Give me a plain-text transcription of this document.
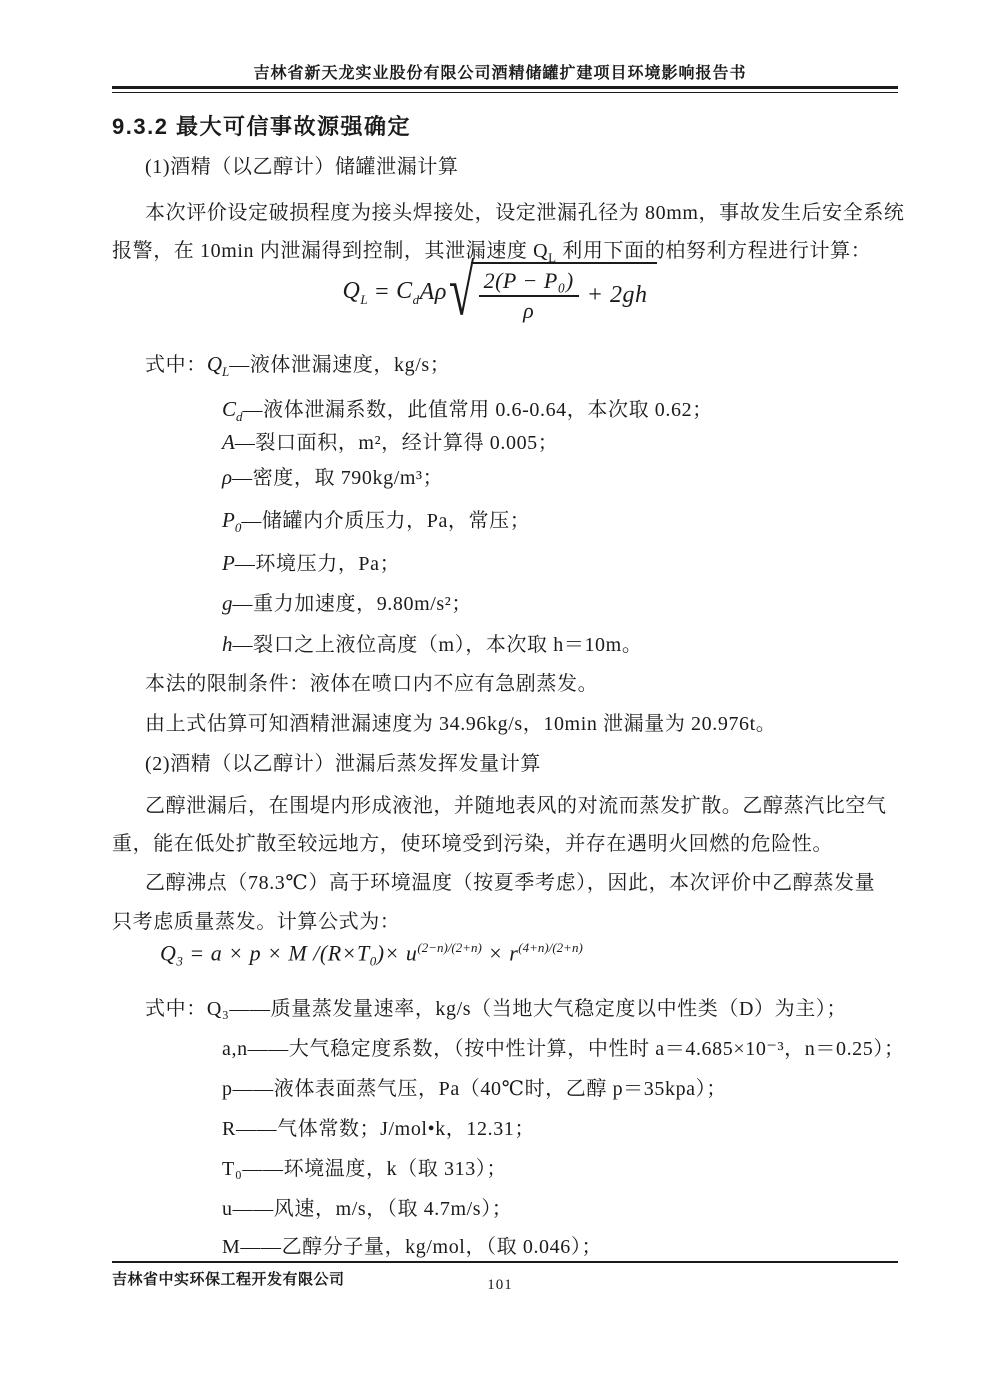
吉林省新天龙实业股份有限公司酒精储罐扩建项目环境影响报告书
9.3.2 最大可信事故源强确定
(1)酒精（以乙醇计）储罐泄漏计算
本次评价设定破损程度为接头焊接处，设定泄漏孔径为 80mm，事故发生后安全系统
报警，在 10min 内泄漏得到控制，其泄漏速度 $Q_L$ 利用下面的柏努利方程进行计算：
$Q_L = C_d$ Aρ √ $\frac{\text{2(P − P₀)}}{\rho} + 2gh$
式中：$Q_L—$液体泄漏速度，kg/s；
$C_d—$液体泄漏系数，此值常用 0.6-0.64，本次取 0.62；
A—裂口面积，m²，经计算得 0.005；
ρ—密度，取 790kg/m³；
$P_0—$储罐内介质压力，Pa，常压；
P—环境压力，Pa；
g—重力加速度，9.80m/s²；
h—裂口之上液位高度（m），本次取 h＝10m。
本法的限制条件：液体在喷口内不应有急剧蒸发。
由上式估算可知酒精泄漏速度为 34.96kg/s，10min 泄漏量为 20.976t。
(2)酒精（以乙醇计）泄漏后蒸发挥发量计算
乙醇泄漏后，在围堤内形成液池，并随地表风的对流而蒸发扩散。乙醇蒸汽比空气
重，能在低处扩散至较远地方，使环境受到污染，并存在遇明火回燃的危险性。
乙醇沸点（78.3℃）高于环境温度（按夏季考虑），因此，本次评价中乙醇蒸发量
只考虑质量蒸发。计算公式为：
$Q_3 = a \times p \times M$ $/(R\times T_0)\times u^{(2-n)/(2+n)} \times r^{(4+n)/(2+n)}$
式中：Q₃——质量蒸发量速率，kg/s（当地大气稳定度以中性类（D）为主）；
a,n——大气稳定度系数，（按中性计算，中性时 a＝4.685×10⁻³，n＝0.25）；
p——液体表面蒸气压，Pa（40℃时，乙醇 p＝35kpa）；
R——气体常数；J/mol•k，12.31；
T₀——环境温度，k（取 313）；
u——风速，m/s，（取 4.7m/s）；
M——乙醇分子量，kg/mol，（取 0.046）；
吉林省中实环保工程开发有限公司	101
